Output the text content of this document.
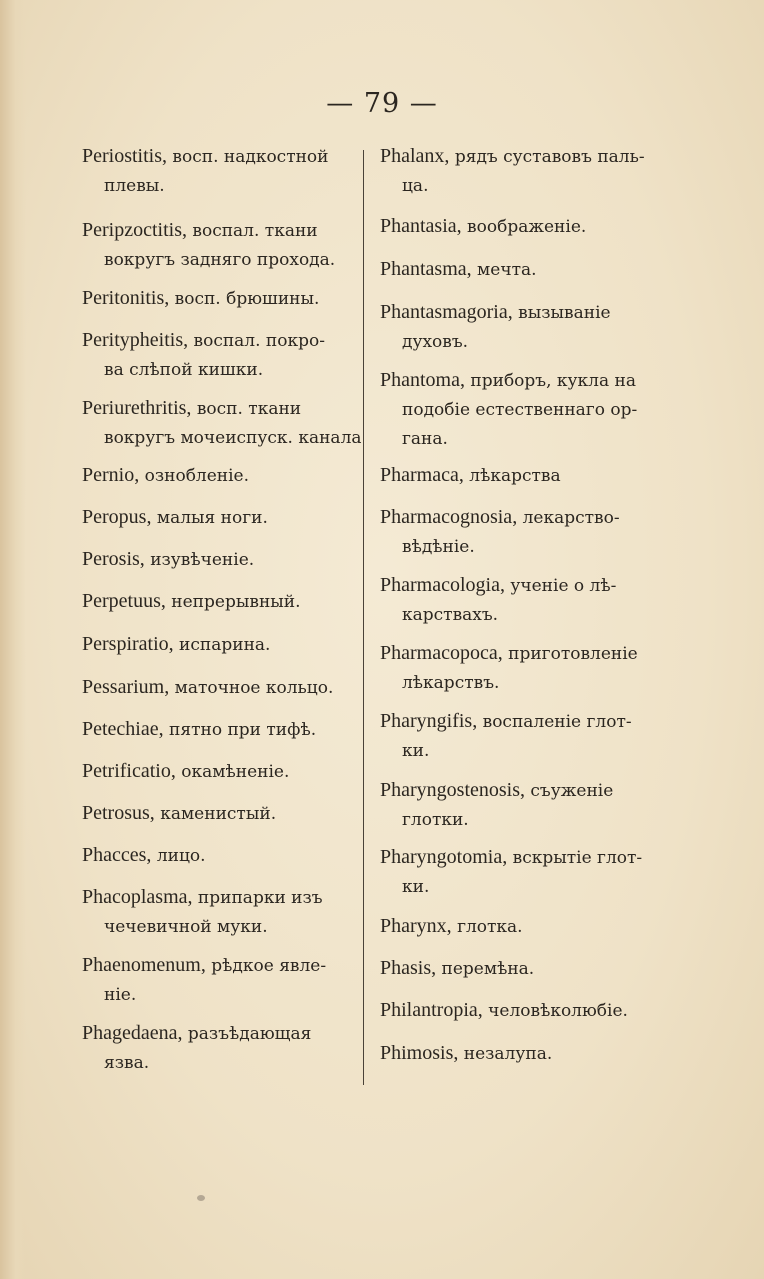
— 79 —
Periostitis, восп. надкостной
плевы.
Perірzoctitis, воспал. ткани
вокругъ задняго прохода.
Peritonitis, восп. брюшины.
Peritypheitis, воспал. покро-
ва слѣпой кишки.
Periurethritis, восп. ткани
вокругъ мочеиспуск. канала
Pernio, ознобленіе.
Peropus, малыя ноги.
Perosis, изувѣченіе.
Perpetuus, непрерывный.
Perspiratio, испарина.
Pessarium, маточное кольцо.
Petechiae, пятно при тифѣ.
Petrificatio, окамѣненіе.
Petrosus, каменистый.
Phacces, лицо.
Phacoplasma, припарки изъ
чечевичной муки.
Phaenomenum, рѣдкое явле-
ніе.
Phagedaena, разъѣдающая
язва.
Phalanx, рядъ суставовъ паль-
ца.
Phantasia, воображеніе.
Phantasma, мечта.
Phantasmagoria, вызываніе
духовъ.
Phantoma, приборъ, кукла на
подобіе естественнаго ор-
гана.
Pharmaca, лѣкарства
Pharmacognosia, лекарство-
вѣдѣніе.
Pharmacologia, ученіе о лѣ-
карствахъ.
Pharmacopoca, приготовленіе
лѣкарствъ.
Pharyngifis, воспаленіе глот-
ки.
Pharyngostenosis, съуженіе
глотки.
Pharyngotomia, вскрытіе глот-
ки.
Pharynx, глотка.
Phasis, перемѣна.
Philantropia, человѣколюбіе.
Phimosis, незалупа.
